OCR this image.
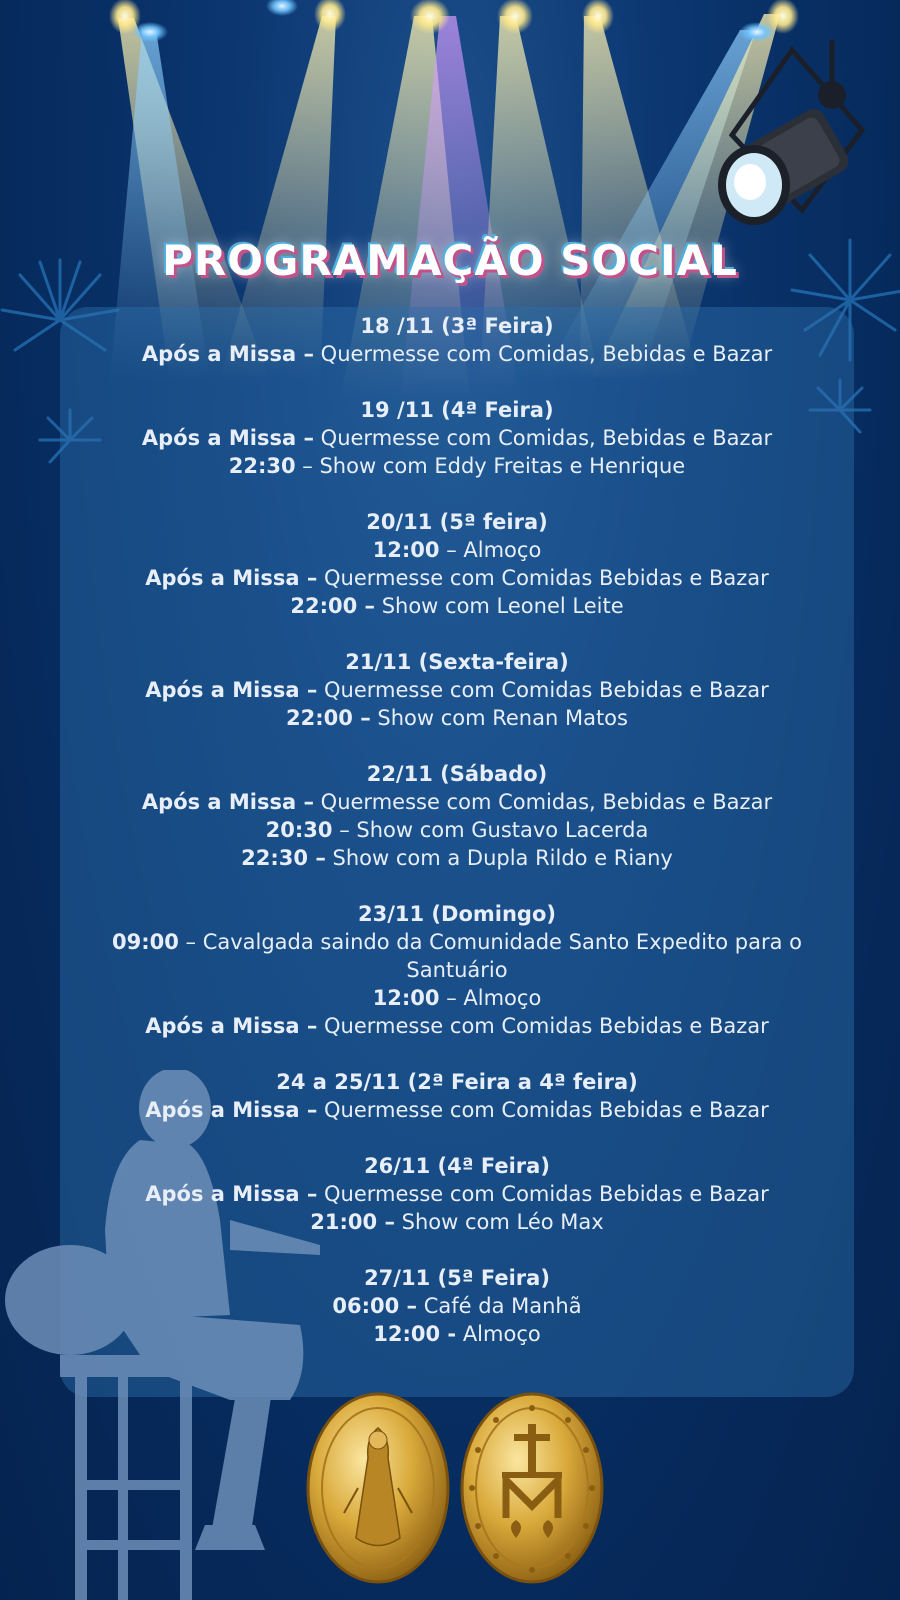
PROGRAMAÇÃO SOCIAL
18 /11 (3ª Feira)
Após a Missa – Quermesse com Comidas, Bebidas e Bazar
19 /11 (4ª Feira)
Após a Missa – Quermesse com Comidas, Bebidas e Bazar
22:30 – Show com Eddy Freitas e Henrique
20/11 (5ª feira)
12:00 – Almoço
Após a Missa – Quermesse com Comidas Bebidas e Bazar
22:00 – Show com Leonel Leite
21/11 (Sexta-feira)
Após a Missa – Quermesse com Comidas Bebidas e Bazar
22:00 – Show com Renan Matos
22/11 (Sábado)
Após a Missa – Quermesse com Comidas, Bebidas e Bazar
20:30 – Show com Gustavo Lacerda
22:30 – Show com a Dupla Rildo e Riany
23/11 (Domingo)
09:00 – Cavalgada saindo da Comunidade Santo Expedito para o Santuário
12:00 – Almoço
Após a Missa – Quermesse com Comidas Bebidas e Bazar
24 a 25/11 (2ª Feira a 4ª feira)
Após a Missa – Quermesse com Comidas Bebidas e Bazar
26/11 (4ª Feira)
Após a Missa – Quermesse com Comidas Bebidas e Bazar
21:00 – Show com Léo Max
27/11 (5ª Feira)
06:00 – Café da Manhã
12:00 - Almoço
